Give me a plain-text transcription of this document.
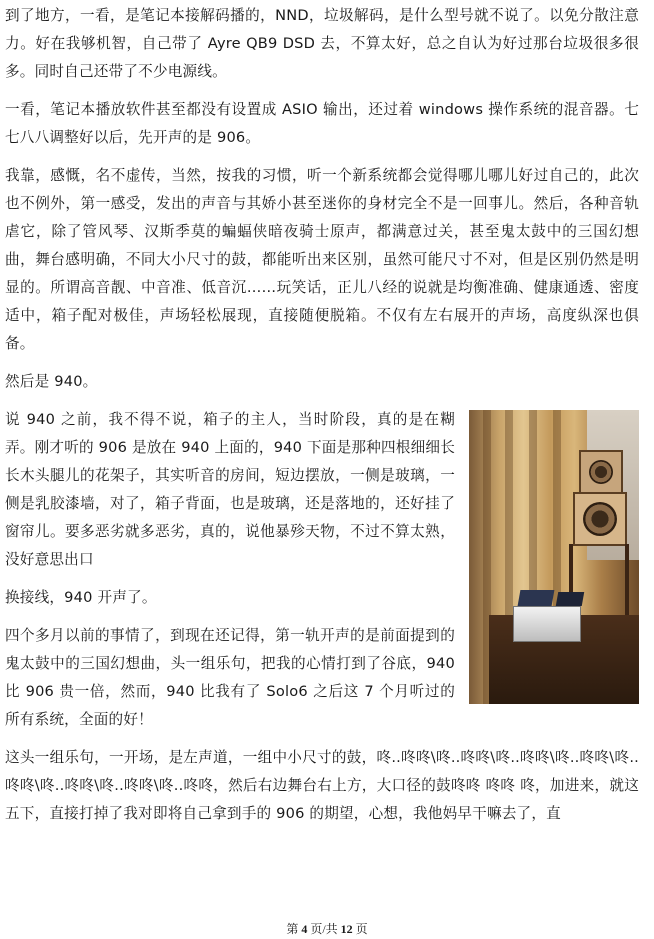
到了地方，一看，是笔记本接解码播的，NND，垃圾解码，是什么型号就不说了。以免分散注意力。好在我够机智，自己带了 Ayre QB9 DSD 去，不算太好，总之自认为好过那台垃圾很多很多。同时自己还带了不少电源线。

一看，笔记本播放软件甚至都没有设置成 ASIO 输出，还过着 windows 操作系统的混音器。七七八八调整好以后，先开声的是 906。

我靠，感慨，名不虚传，当然，按我的习惯，听一个新系统都会觉得哪儿哪儿好过自己的，此次也不例外，第一感受，发出的声音与其娇小甚至迷你的身材完全不是一回事儿。然后，各种音轨虐它，除了管风琴、汉斯季莫的蝙蝠侠暗夜骑士原声，都满意过关，甚至鬼太鼓中的三国幻想曲，舞台感明确，不同大小尺寸的鼓，都能听出来区别，虽然可能尺寸不对，但是区别仍然是明显的。所谓高音靓、中音准、低音沉……玩笑话，正儿八经的说就是均衡准确、健康通透、密度适中，箱子配对极佳，声场轻松展现，直接随便脱箱。不仅有左右展开的声场，高度纵深也俱备。

然后是 940。

说 940 之前，我不得不说，箱子的主人，当时阶段，真的是在糊弄。刚才听的 906 是放在 940 上面的，940 下面是那种四根细细长长木头腿儿的花架子，其实听音的房间，短边摆放，一侧是玻璃，一侧是乳胶漆墙，对了，箱子背面，也是玻璃，还是落地的，还好挂了窗帘儿。要多恶劣就多恶劣，真的，说他暴殄天物，不过不算太熟，没好意思出口

换接线，940 开声了。

四个多月以前的事情了，到现在还记得，第一轨开声的是前面提到的鬼太鼓中的三国幻想曲，头一组乐句，把我的心情打到了谷底，940 比 906 贵一倍，然而，940 比我有了 Solo6 之后这 7 个月听过的所有系统，全面的好！

这头一组乐句，一开场，是左声道，一组中小尺寸的鼓，咚..咚咚\咚..咚咚\咚..咚咚\咚..咚咚\咚..咚咚\咚..咚咚\咚..咚咚\咚..咚咚，然后右边舞台右上方，大口径的鼓咚咚 咚咚 咚，加进来，就这五下，直接打掉了我对即将自己拿到手的 906 的期望，心想，我他妈早干嘛去了，直

第 4 页/共 12 页
